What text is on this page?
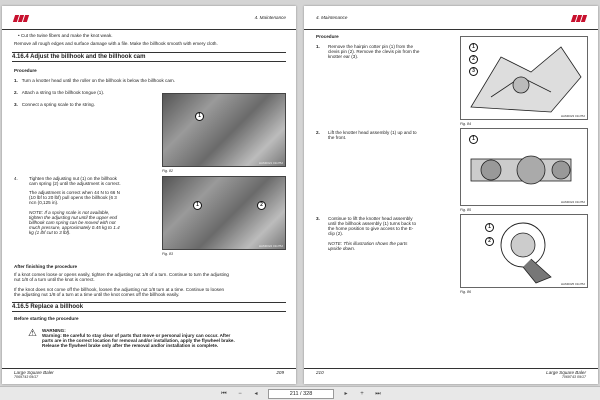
4. Maintenance
• Cut the twine fibers and make the knot weak.
Remove all rough edges and surface damage with a file. Make the billhook smooth with emery cloth.
4.16.4 Adjust the billhook and the billhook cam
Procedure
1. Turn a knotter head until the roller on the billhook is below the billhook cam.
2. Attach a string to the billhook tongue (1).
3. Connect a spring scale to the string.
1
HAM0021 0117BJ
Fig. 82
4. Tighten the adjusting nut (1) on the billhook
cam spring (2) until the adjustment is correct.
The adjustment is correct when 44 N to 66 N
(10 lbf to 20 lbf) pull opens the billhook (6 3
ncn (0,125 in).
NOTE: If a spring scale is not available,
tighten the adjusting nut until the upper end
billhook cam spring can be moved with not
much pressure, approximately 0.45 kg to 1.4
kg (1 lbf cut to 3 lbf).
1	2
HAM0022 0117BJ
Fig. 83
After finishing the procedure
If a knot comes loose or opens easily, tighten the adjusting nut 1/8 of a turn. Continue to turn the adjusting
nut 1/8 of a turn until the knot is correct.
If the knot does not come off the billhook, loosen the adjusting nut 1/8 turn at a time. Continue to loosen
the adjusting nut 1/8 of a turn at a time until the knot comes off the billhook easily.
4.16.5 Replace a billhook
Before starting the procedure
⚠ WARNING:
Warning: Be careful to stay clear of parts that move or personal injury can occur. After
parts are in the correct location for removal and/or installation, apply the flywheel brake.
Release the flywheel brake only after the removal and/or installation is complete.
Large Square Baler
7069T43 09/17
209
4. Maintenance
Procedure
1. Remove the hairpin cotter pin (1) from the
clevis pin (2). Remove the clevis pin from the
knotter ear (3).
1
2
3
HAM0023 0117BJ
Fig. 84
2. Lift the knotter head assembly (1) up and to
the front.	1
HAM0024 0117BJ
Fig. 85
3. Continue to lift the knotter head assembly
until the billhook assembly (1) turns back to
the home position to give access to the E-
clip (2).
NOTE: This illustration shows the parts
upside down.
1
2
HAM0025 0117BJ
Fig. 86
210	Large Square Baler
7069T43 09/17
⏮	−	◂	211 / 328	▸	+	⏭
